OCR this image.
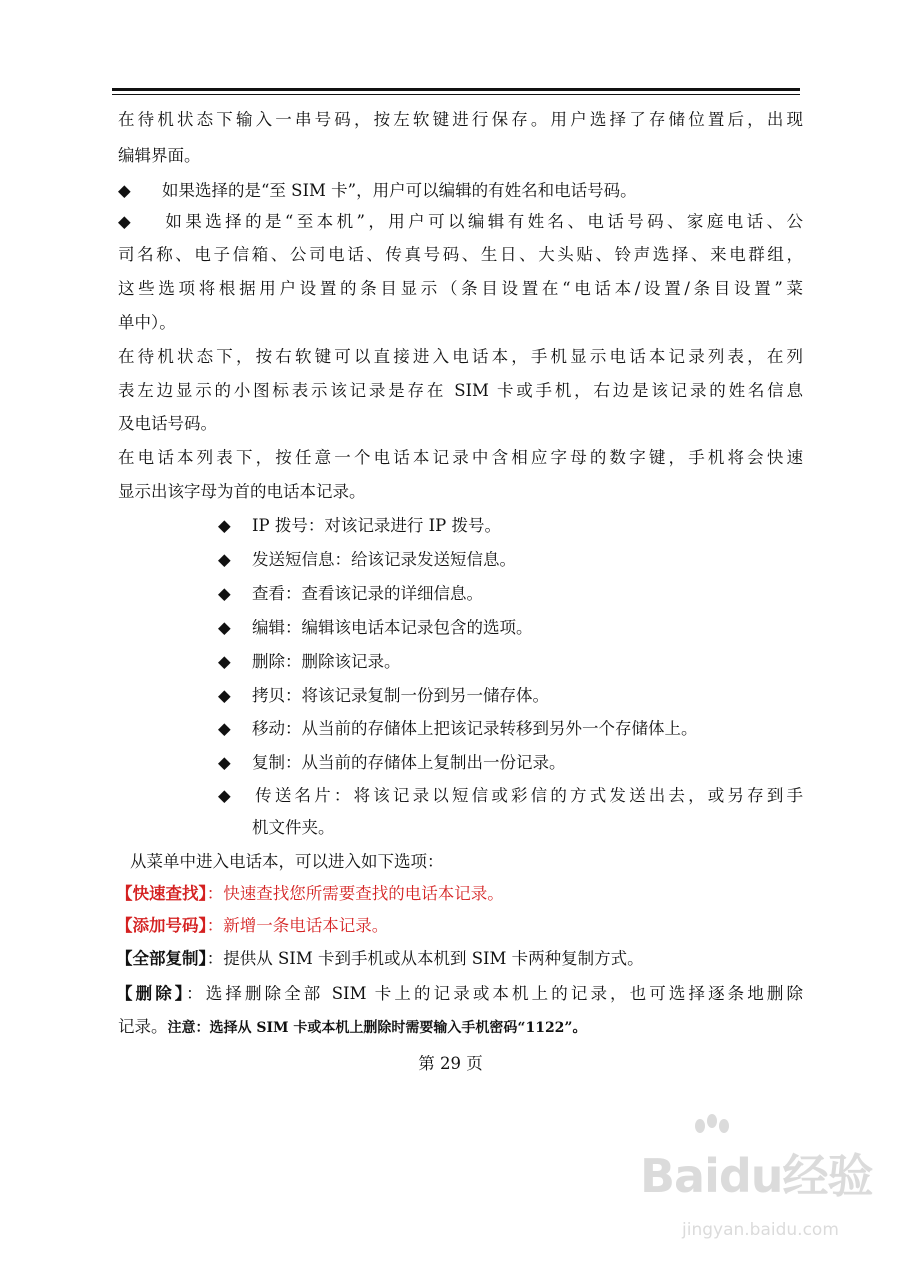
在待机状态下输入一串号码，按左软键进行保存。用户选择了存储位置后，出现
编辑界面。
◆ 如果选择的是“至 SIM 卡”，用户可以编辑的有姓名和电话号码。
◆ 如果选择的是“至本机”，用户可以编辑有姓名、电话号码、家庭电话、公
司名称、电子信箱、公司电话、传真号码、生日、大头贴、铃声选择、来电群组，
这些选项将根据用户设置的条目显示（条目设置在“电话本/设置/条目设置”菜
单中）。
在待机状态下，按右软键可以直接进入电话本，手机显示电话本记录列表，在列
表左边显示的小图标表示该记录是存在 SIM 卡或手机，右边是该记录的姓名信息
及电话号码。
在电话本列表下，按任意一个电话本记录中含相应字母的数字键，手机将会快速
显示出该字母为首的电话本记录。
◆ IP 拨号：对该记录进行 IP 拨号。
◆ 发送短信息：给该记录发送短信息。
◆ 查看：查看该记录的详细信息。
◆ 编辑：编辑该电话本记录包含的选项。
◆ 删除：删除该记录。
◆ 拷贝：将该记录复制一份到另一储存体。
◆ 移动：从当前的存储体上把该记录转移到另外一个存储体上。
◆ 复制：从当前的存储体上复制出一份记录。
◆ 传送名片：将该记录以短信或彩信的方式发送出去，或另存到手
机文件夹。
从菜单中进入电话本，可以进入如下选项：
【快速查找】：快速查找您所需要查找的电话本记录。
【添加号码】：新增一条电话本记录。
【全部复制】：提供从 SIM 卡到手机或从本机到 SIM 卡两种复制方式。
【删除】：选择删除全部 SIM 卡上的记录或本机上的记录，也可选择逐条地删除
记录。注意：选择从 SIM 卡或本机上删除时需要输入手机密码“1122”。
第 29 页
Baidu经验
jingyan.baidu.com
